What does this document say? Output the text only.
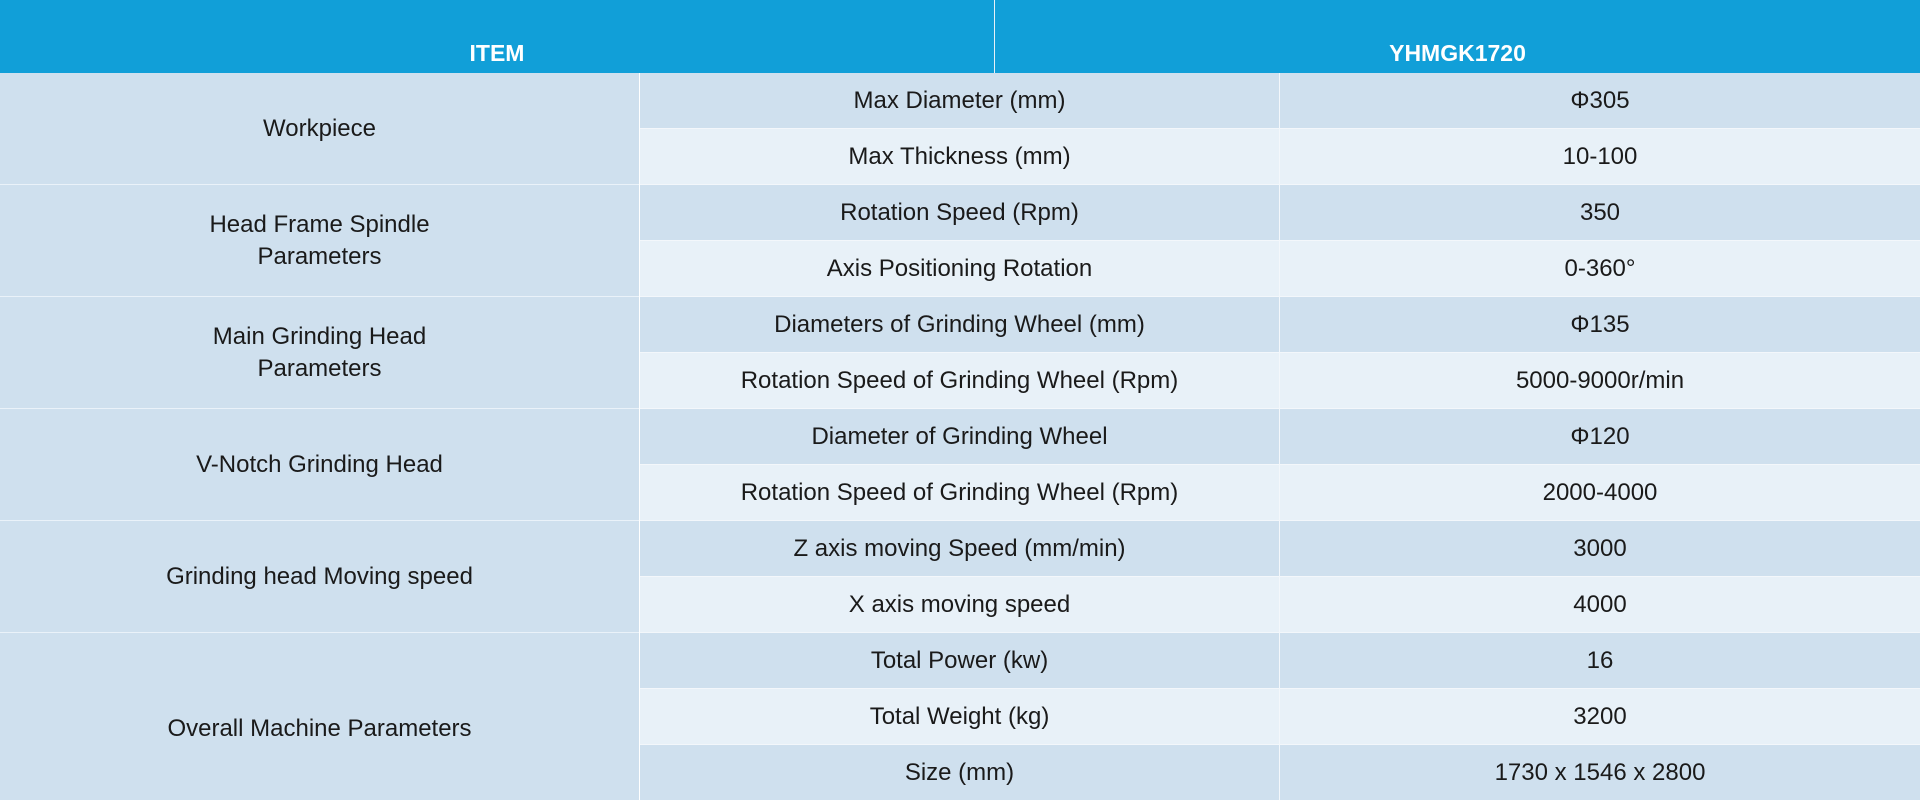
ITEM	YHMGK1720
Workpiece
Max Diameter (mm)	Φ305
Max Thickness (mm)	10-100
Head Frame Spindle
Parameters
Rotation Speed (Rpm)	350
Axis Positioning Rotation	0-360°
Main Grinding Head
Parameters
Diameters of Grinding Wheel (mm)	Φ135
Rotation Speed of Grinding Wheel (Rpm)	5000-9000r/min
V-Notch Grinding Head
Diameter of Grinding Wheel	Φ120
Rotation Speed of Grinding Wheel (Rpm)	2000-4000
Grinding head Moving speed
Z axis moving Speed (mm/min)	3000
X axis moving speed	4000
Overall Machine Parameters
Total Power (kw)	16
Total Weight (kg)	3200
Size (mm)	1730 x 1546 x 2800
